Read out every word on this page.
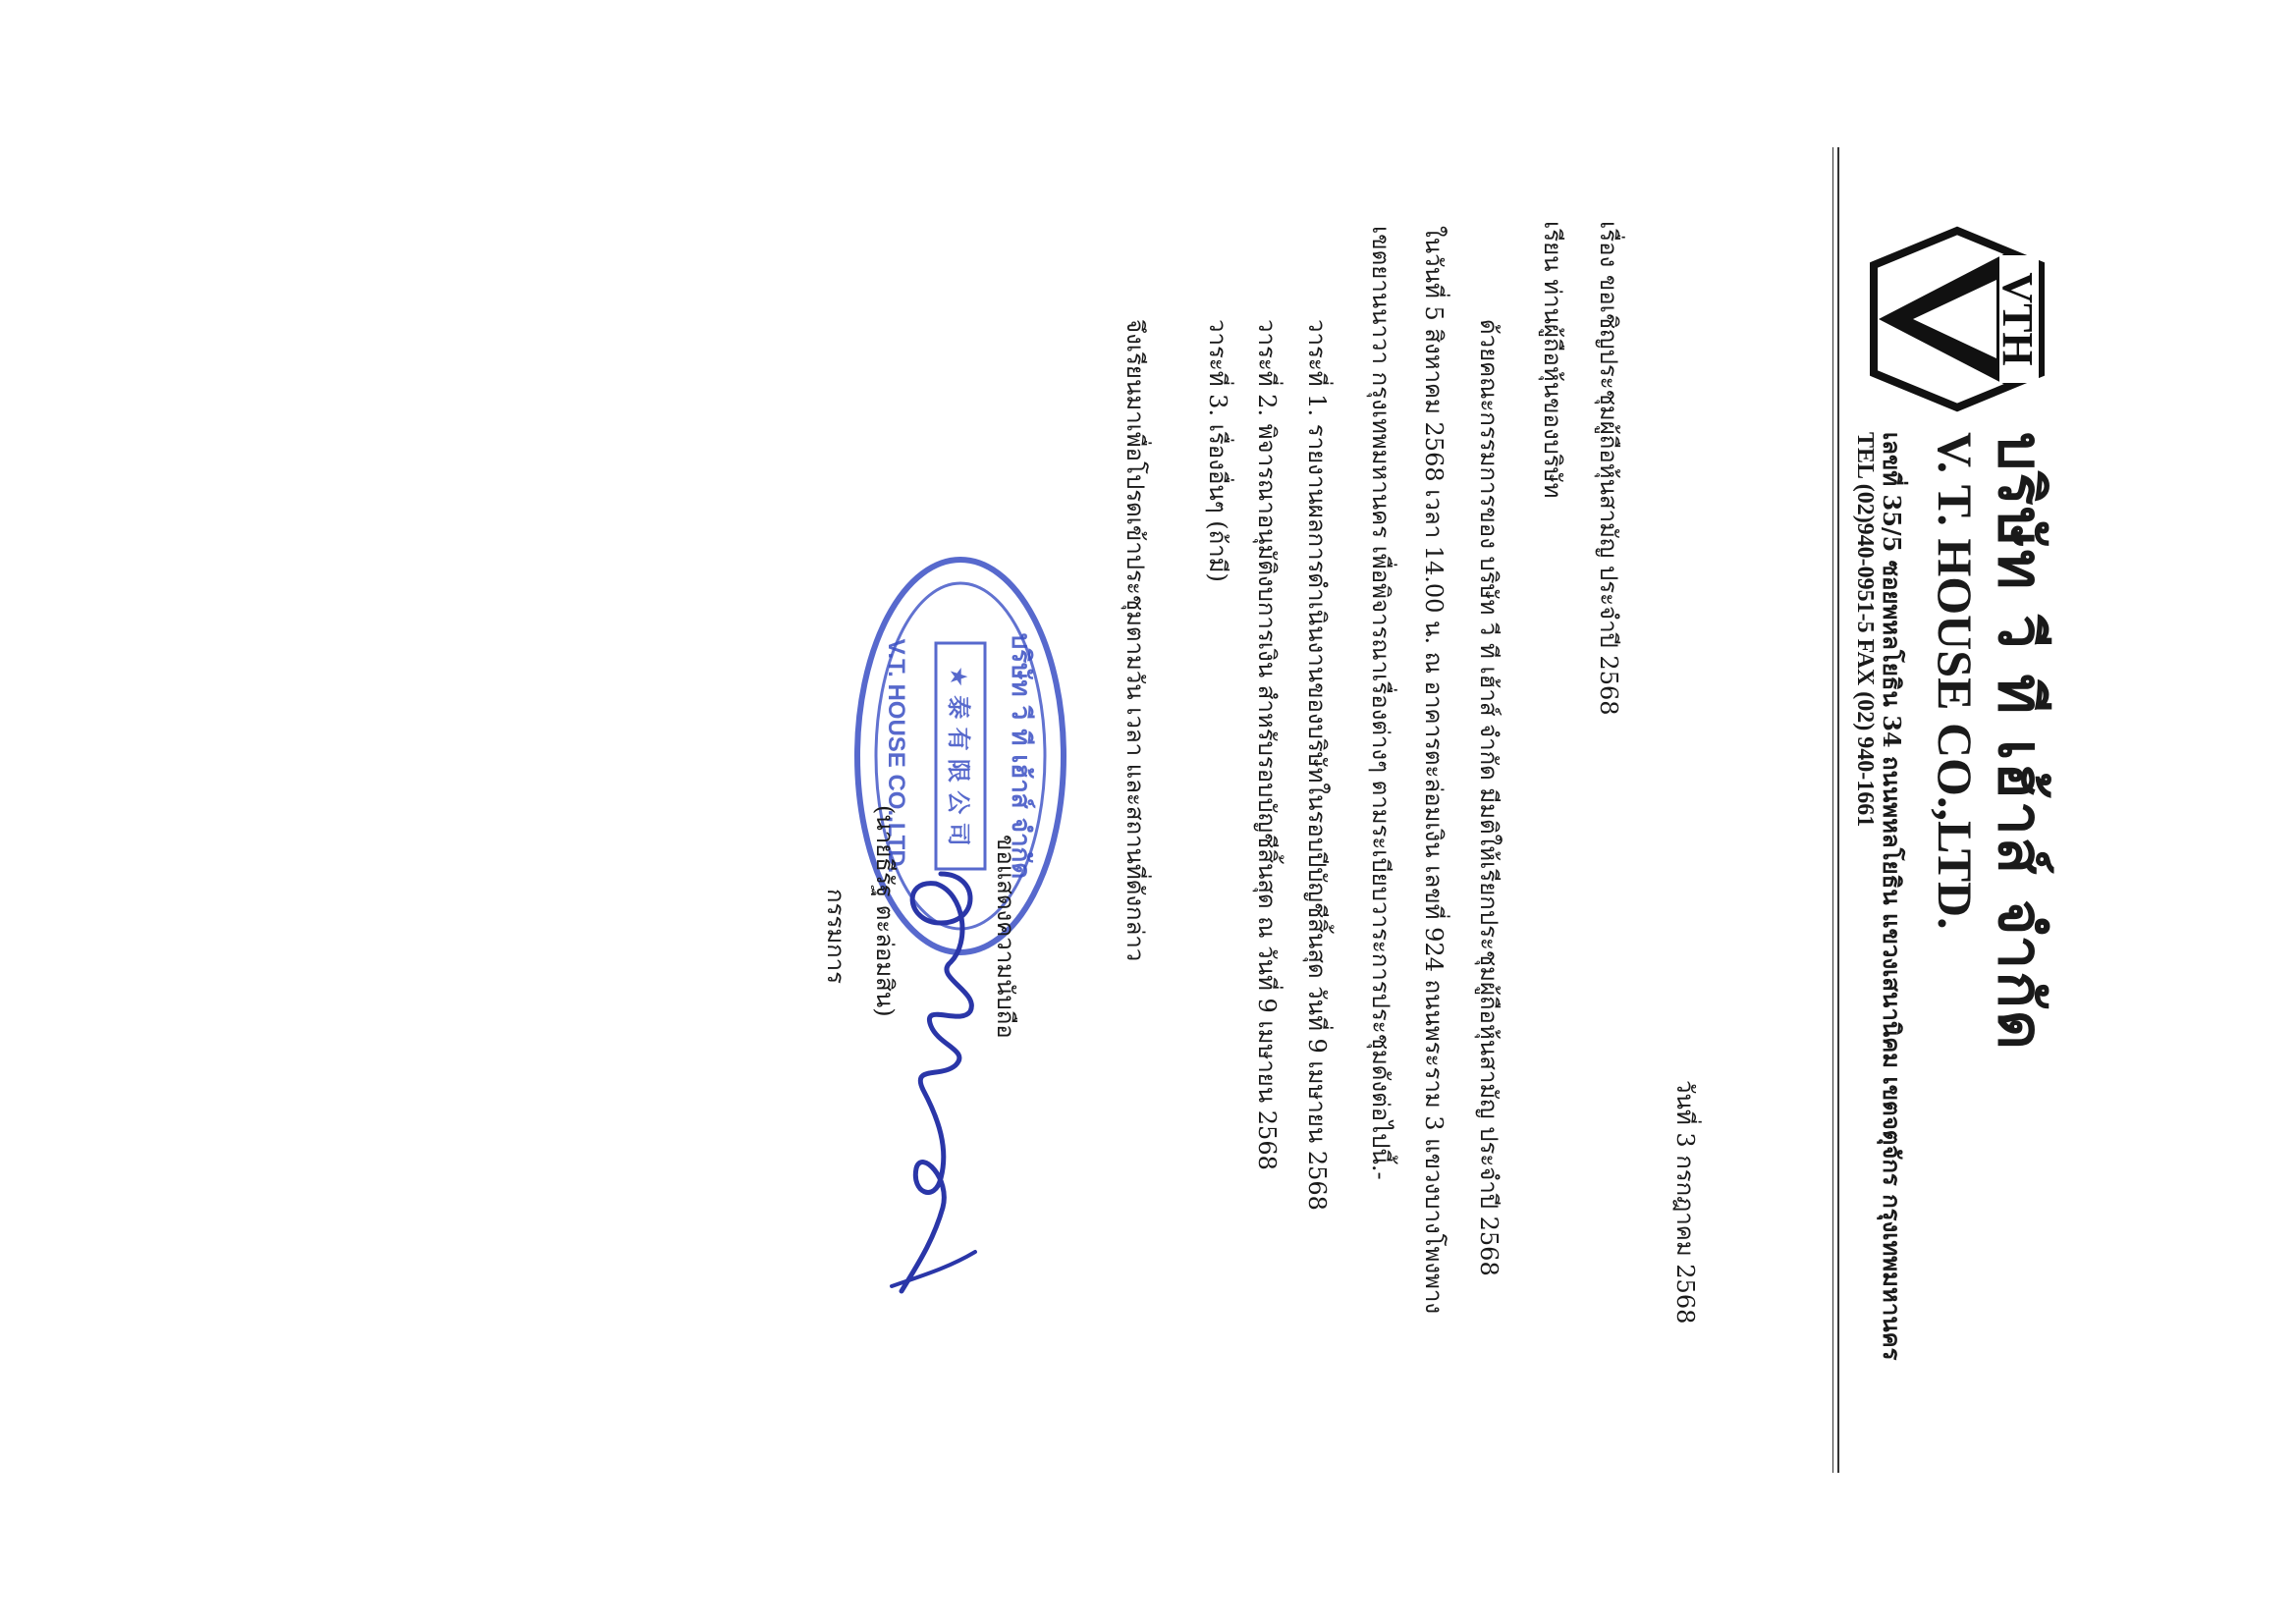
VTH
บริษัท วี ที เฮ้าส์ จำกัด
V. T. HOUSE CO.,LTD.
เลขที่ 35/5 ซอยพหลโยธิน 34 ถนนพหลโยธิน แขวงเสนานิคม เขตจตุจักร กรุงเทพมหานคร
TEL (02)940-0951-5 FAX (02) 940-1661
วันที่ 3 กรกฎาคม 2568
เรื่อง ขอเชิญประชุมผู้ถือหุ้นสามัญ ประจำปี 2568
เรียน ท่านผู้ถือหุ้นของบริษัท
ด้วยคณะกรรมการของ บริษัท วี ที เฮ้าส์ จำกัด มีมติให้เรียกประชุมผู้ถือหุ้นสามัญ ประจำปี 2568
ในวันที่ 5 สิงหาคม 2568 เวลา 14.00 น. ณ อาคารตะล่อมเงิน เลขที่ 924 ถนนพระราม 3 แขวงบางโพงพาง
เขตยานนาวา กรุงเทพมหานคร เพื่อพิจารณาเรื่องต่างๆ ตามระเบียบวาระการประชุมดังต่อไปนี้.-
วาระที่ 1. รายงานผลการดำเนินงานของบริษัทในรอบปีบัญชีสิ้นสุด วันที่ 9 เมษายน 2568
วาระที่ 2. พิจารณาอนุมัติงบการเงิน สำหรับรอบบัญชีสิ้นสุด ณ วันที่ 9 เมษายน 2568
วาระที่ 3. เรื่องอื่นๆ (ถ้ามี)
จึงเรียนมาเพื่อโปรดเข้าประชุมตามวัน เวลา และสถานที่ดังกล่าว
บริษัท วี ที เฮ้าส์ จำกัด
★ 泰 有 限 公 司
V.T. HOUSE CO.,LTD.
ขอแสดงความนับถือ
(นายธีรัฐ ตะล่อมสิน)
กรรมการ
